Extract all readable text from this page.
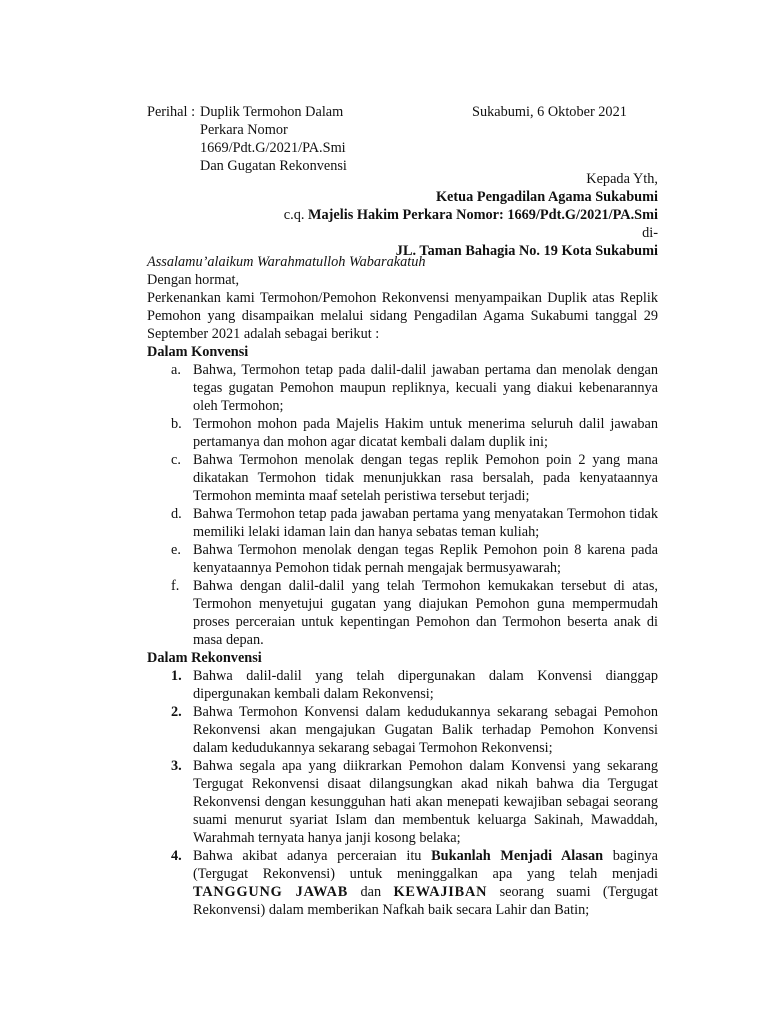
Perihal : Duplik Termohon Dalam
Perkara Nomor
1669/Pdt.G/2021/PA.Smi
Dan Gugatan Rekonvensi
Sukabumi, 6 Oktober 2021
Kepada Yth,
Ketua Pengadilan Agama Sukabumi
c.q. Majelis Hakim Perkara Nomor: 1669/Pdt.G/2021/PA.Smi
di-
JL. Taman Bahagia No. 19 Kota Sukabumi

Assalamu’alaikum Warahmatulloh Wabarakatuh

Dengan hormat,

Perkenankan kami Termohon/Pemohon Rekonvensi menyampaikan Duplik atas Replik Pemohon yang disampaikan melalui sidang Pengadilan Agama Sukabumi tanggal 29 September 2021 adalah sebagai berikut :

Dalam Konvensi

a. Bahwa, Termohon tetap pada dalil-dalil jawaban pertama dan menolak dengan tegas gugatan Pemohon maupun repliknya, kecuali yang diakui kebenarannya oleh Termohon;
b. Termohon mohon pada Majelis Hakim untuk menerima seluruh dalil jawaban pertamanya dan mohon agar dicatat kembali dalam duplik ini;
c. Bahwa Termohon menolak dengan tegas replik Pemohon poin 2 yang mana dikatakan Termohon tidak menunjukkan rasa bersalah, pada kenyataannya Termohon meminta maaf setelah peristiwa tersebut terjadi;
d. Bahwa Termohon tetap pada jawaban pertama yang menyatakan Termohon tidak memiliki lelaki idaman lain dan hanya sebatas teman kuliah;
e. Bahwa Termohon menolak dengan tegas Replik Pemohon poin 8 karena pada kenyataannya Pemohon tidak pernah mengajak bermusyawarah;
f. Bahwa dengan dalil-dalil yang telah Termohon kemukakan tersebut di atas, Termohon menyetujui gugatan yang diajukan Pemohon guna mempermudah proses perceraian untuk kepentingan Pemohon dan Termohon beserta anak di masa depan.

Dalam Rekonvensi

1. Bahwa dalil-dalil yang telah dipergunakan dalam Konvensi dianggap dipergunakan kembali dalam Rekonvensi;
2. Bahwa Termohon Konvensi dalam kedudukannya sekarang sebagai Pemohon Rekonvensi akan mengajukan Gugatan Balik terhadap Pemohon Konvensi dalam kedudukannya sekarang sebagai Termohon Rekonvensi;
3. Bahwa segala apa yang diikrarkan Pemohon dalam Konvensi yang sekarang Tergugat Rekonvensi disaat dilangsungkan akad nikah bahwa dia Tergugat Rekonvensi dengan kesungguhan hati akan menepati kewajiban sebagai seorang suami menurut syariat Islam dan membentuk keluarga Sakinah, Mawaddah, Warahmah ternyata hanya janji kosong belaka;
4. Bahwa akibat adanya perceraian itu Bukanlah Menjadi Alasan baginya (Tergugat Rekonvensi) untuk meninggalkan apa yang telah menjadi TANGGUNG JAWAB dan KEWAJIBAN seorang suami (Tergugat Rekonvensi) dalam memberikan Nafkah baik secara Lahir dan Batin;
